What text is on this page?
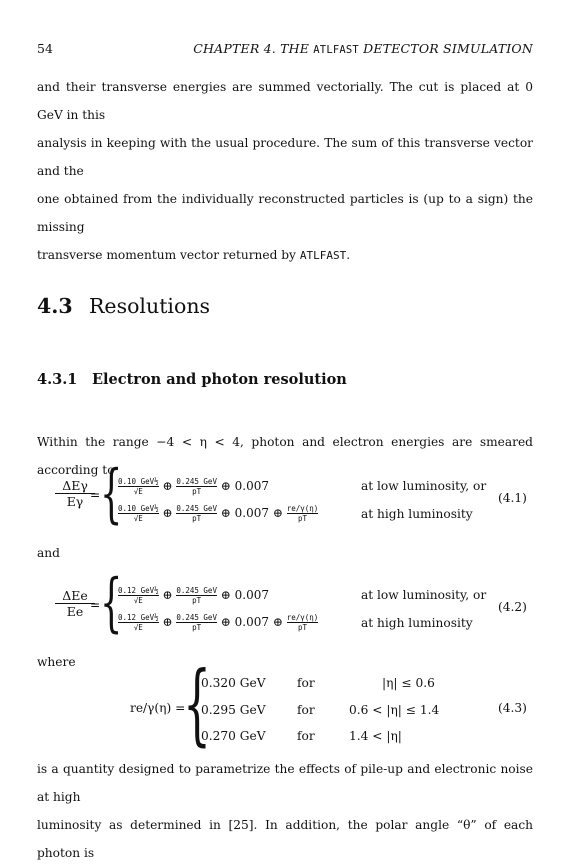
54	CHAPTER 4. THE ATLFAST DETECTOR SIMULATION
and their transverse energies are summed vectorially. The cut is placed at 0 GeV in this
analysis in keeping with the usual procedure. The sum of this transverse vector and the
one obtained from the individually reconstructed particles is (up to a sign) the missing
transverse momentum vector returned by ATLFAST.
4.3 Resolutions
4.3.1 Electron and photon resolution
Within the range −4 < η < 4, photon and electron energies are smeared according to
ΔEγ
Eγ = {
0.10 GeV½
√E	⊕ 0.245 GeV
pT	⊕ 0.007
0.10 GeV½
√E	⊕ 0.245 GeV
pT	⊕ 0.007 ⊕ $\frac{re/\gamma(\eta)}{pT}$
at low luminosity, or
at high luminosity
(4.1)
and
ΔEe
Ee = {
0.12 GeV½
√E	⊕ 0.245 GeV
pT	⊕ 0.007
0.12 GeV½
√E	⊕ 0.245 GeV
pT	⊕ 0.007 ⊕ $\frac{re/\gamma(\eta)}{pT}$
at low luminosity, or
at high luminosity
(4.2)
where
re/γ(η) =
{
0.320 GeV	for	|η| ≤ 0.6
0.295 GeV	for	0.6 < |η| ≤ 1.4
0.270 GeV	for	1.4 < |η|
(4.3)
is a quantity designed to parametrize the effects of pile-up and electronic noise at high
luminosity as determined in [25]. In addition, the polar angle “θ” of each photon is
